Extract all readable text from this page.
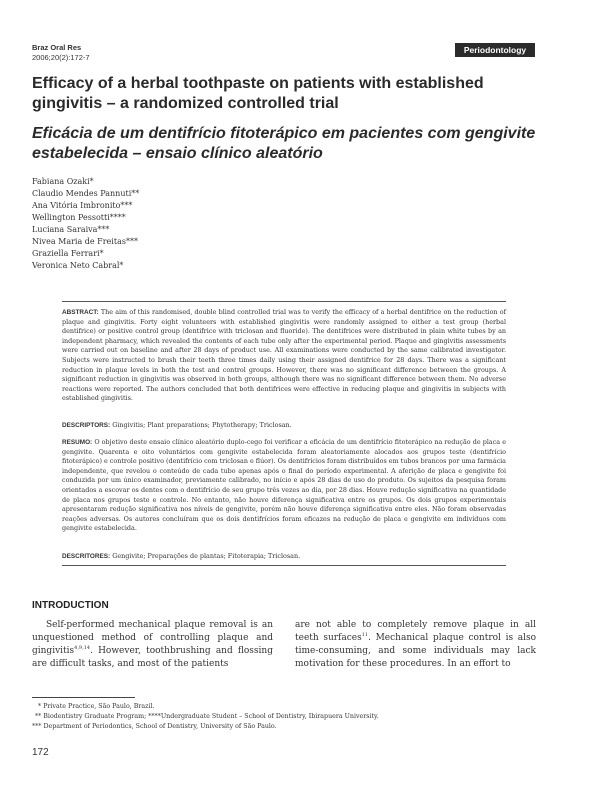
Braz Oral Res
2006;20(2):172-7
Periodontology
Efficacy of a herbal toothpaste on patients with established gingivitis – a randomized controlled trial
Eficácia de um dentifrício fitoterápico em pacientes com gengivite estabelecida – ensaio clínico aleatório
Fabiana Ozaki*
Claudio Mendes Pannuti**
Ana Vitória Imbronito***
Wellington Pessotti****
Luciana Saraiva***
Nivea Maria de Freitas***
Graziella Ferrari*
Veronica Neto Cabral*

ABSTRACT: The aim of this randomised, double blind controlled trial was to verify the efficacy of a herbal dentifrice on the reduction of plaque and gingivitis. Forty eight volunteers with established gingivitis were randomly assigned to either a test group (herbal dentifrice) or positive control group (dentifrice with triclosan and fluoride). The dentifrices were distributed in plain white tubes by an independent pharmacy, which revealed the contents of each tube only after the experimental period. Plaque and gingivitis assessments were carried out on baseline and after 28 days of product use. All examinations were conducted by the same calibrated investigator. Subjects were instructed to brush their teeth three times daily using their assigned dentifrice for 28 days. There was a significant reduction in plaque levels in both the test and control groups. However, there was no significant difference between the groups. A significant reduction in gingivitis was observed in both groups, although there was no significant difference between them. No adverse reactions were reported. The authors concluded that both dentifrices were effective in reducing plaque and gingivitis in subjects with established gingivitis.

DESCRIPTORS: Gingivitis; Plant preparations; Phytotherapy; Triclosan.

RESUMO: O objetivo deste ensaio clínico aleatório duplo-cego foi verificar a eficácia de um dentifrício fitoterápico na redução de placa e gengivite. Quarenta e oito voluntários com gengivite estabelecida foram aleatoriamente alocados aos grupos teste (dentifrício fitoterápico) e controle positivo (dentifrício com triclosan e flúor). Os dentifrícios foram distribuídos em tubos brancos por uma farmácia independente, que revelou o conteúdo de cada tubo apenas após o final do período experimental. A aferição de placa e gengivite foi conduzida por um único examinador, previamente calibrado, no início e após 28 dias de uso do produto. Os sujeitos da pesquisa foram orientados a escovar os dentes com o dentifrício de seu grupo três vezes ao dia, por 28 dias. Houve redução significativa na quantidade de placa nos grupos teste e controle. No entanto, não houve diferença significativa entre os grupos. Os dois grupos experimentais apresentaram redução significativa nos níveis de gengivite, porém não houve diferença significativa entre eles. Não foram observadas reações adversas. Os autores concluíram que os dois dentifrícios foram eficazes na redução de placa e gengivite em indivíduos com gengivite estabelecida.

DESCRITORES: Gengivite; Preparações de plantas; Fitoterapia; Triclosan.

INTRODUCTION

Self-performed mechanical plaque removal is an unquestioned method of controlling plaque and gingivitis$^{4,9,14}$. However, toothbrushing and flossing are difficult tasks, and most of the patients

are not able to completely remove plaque in all teeth surfaces$^{11}$. Mechanical plaque control is also time-consuming, and some individuals may lack motivation for these procedures. In an effort to

* Private Practice, São Paulo, Brazil.
** Biodentistry Graduate Program; ****Undergraduate Student – School of Dentistry, Ibirapuera University.
*** Department of Periodontics, School of Dentistry, University of São Paulo.
172
